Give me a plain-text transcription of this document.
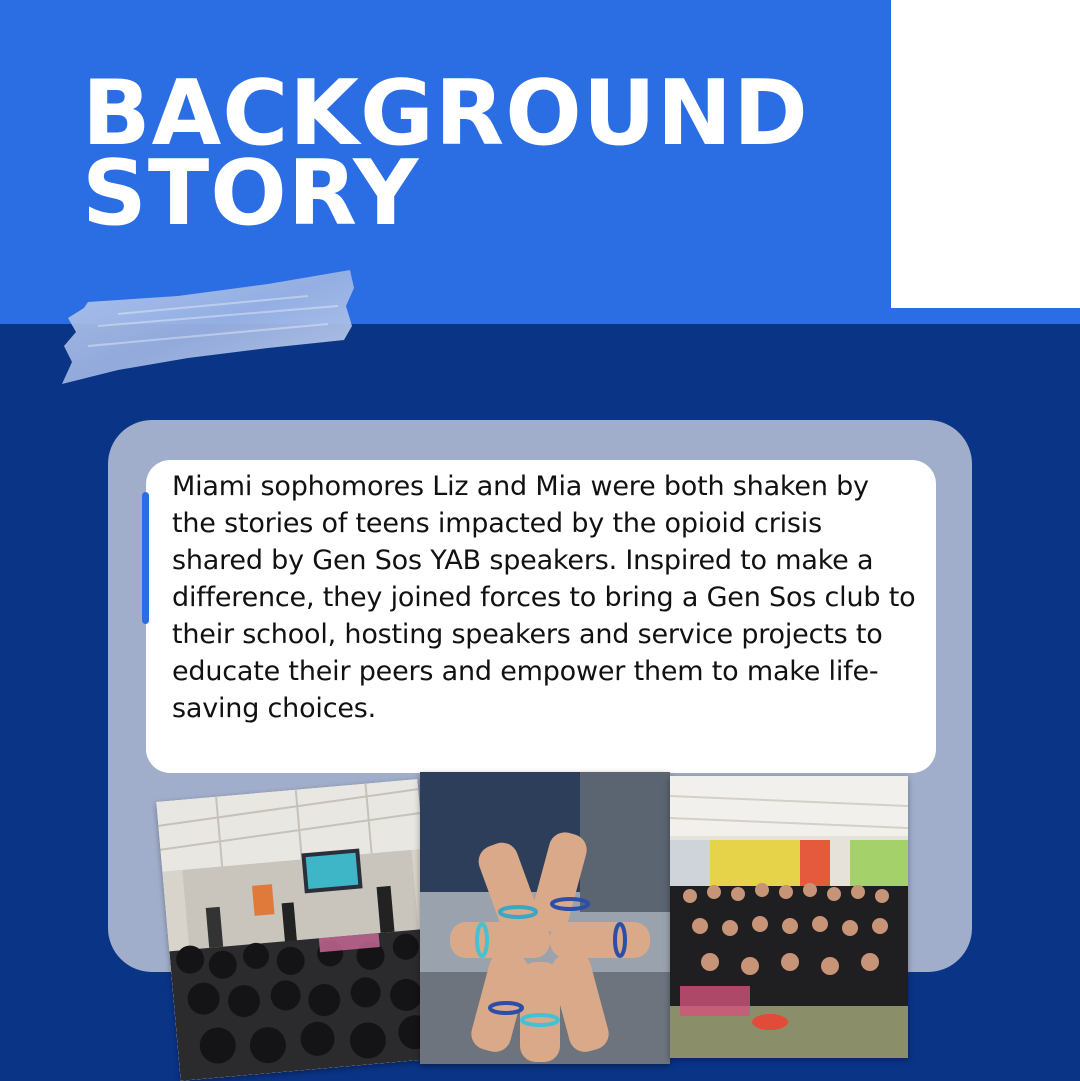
BACKGROUND
STORY

Miami sophomores Liz and Mia were both shaken by the stories of teens impacted by the opioid crisis shared by Gen Sos YAB speakers. Inspired to make a difference, they joined forces to bring a Gen Sos club to their school, hosting speakers and service projects to educate their peers and empower them to make life-saving choices.
